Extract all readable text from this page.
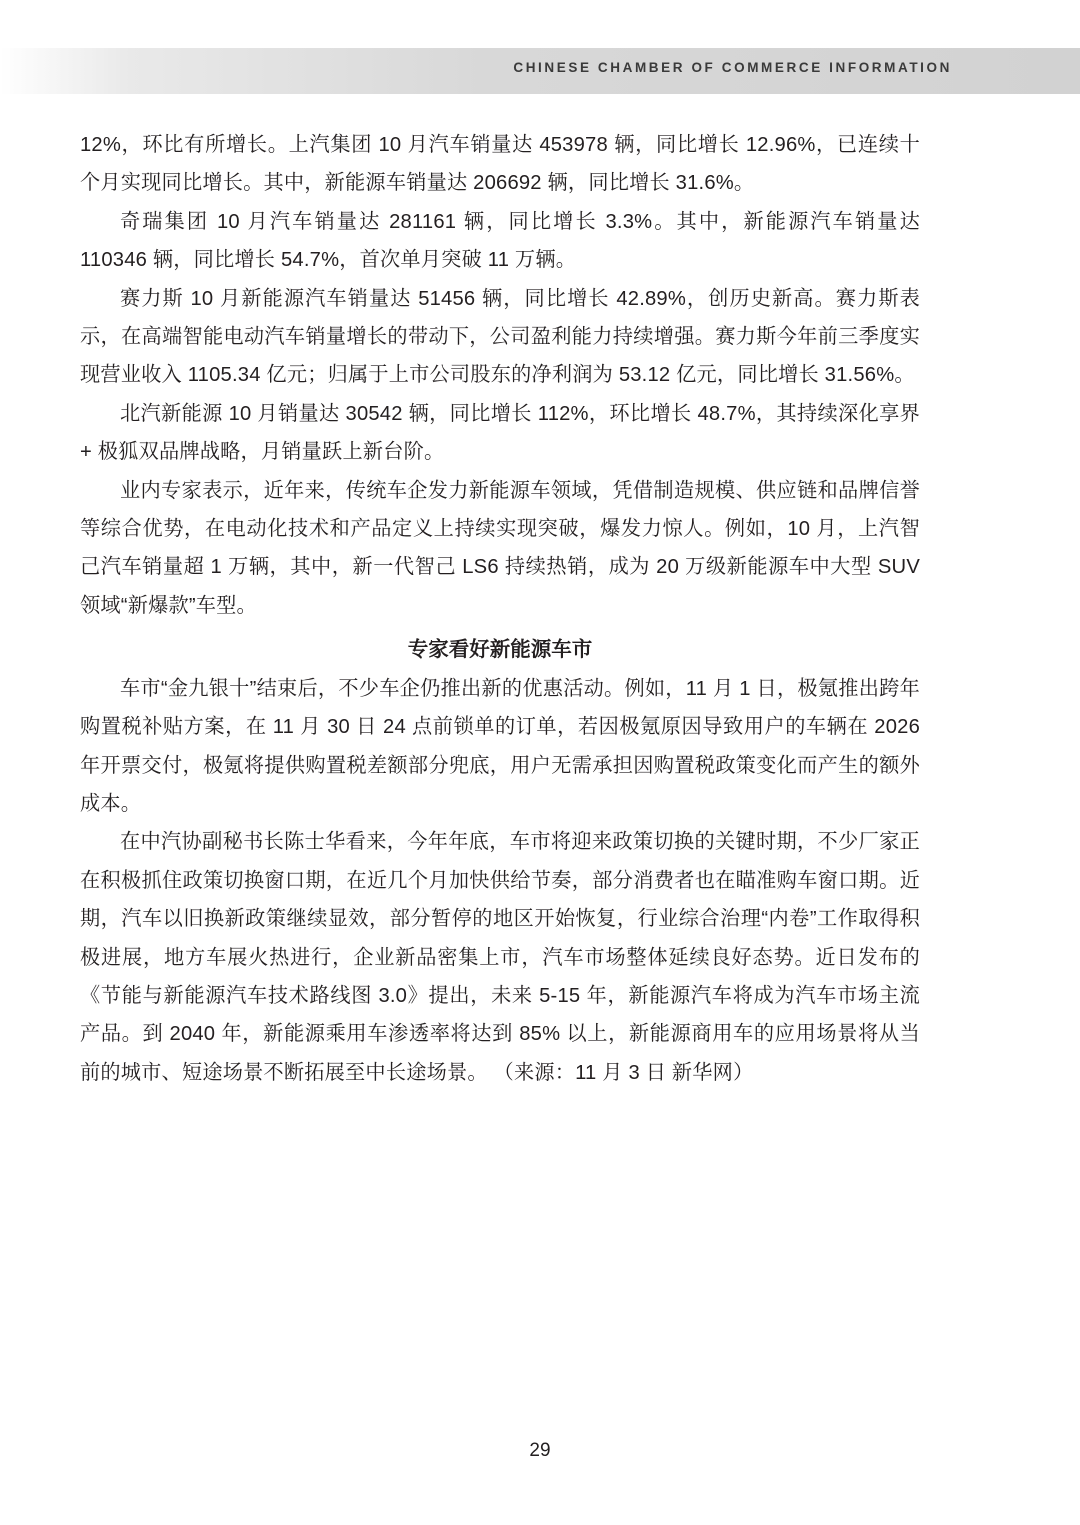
CHINESE CHAMBER OF COMMERCE INFORMATION

12%，环比有所增长。上汽集团 10 月汽车销量达 453978 辆，同比增长 12.96%，已连续十个月实现同比增长。其中，新能源车销量达 206692 辆，同比增长 31.6%。

奇瑞集团 10 月汽车销量达 281161 辆，同比增长 3.3%。其中，新能源汽车销量达 110346 辆，同比增长 54.7%，首次单月突破 11 万辆。

赛力斯 10 月新能源汽车销量达 51456 辆，同比增长 42.89%，创历史新高。赛力斯表示，在高端智能电动汽车销量增长的带动下，公司盈利能力持续增强。赛力斯今年前三季度实现营业收入 1105.34 亿元；归属于上市公司股东的净利润为 53.12 亿元，同比增长 31.56%。

北汽新能源 10 月销量达 30542 辆，同比增长 112%，环比增长 48.7%，其持续深化享界 + 极狐双品牌战略，月销量跃上新台阶。

业内专家表示，近年来，传统车企发力新能源车领域，凭借制造规模、供应链和品牌信誉等综合优势，在电动化技术和产品定义上持续实现突破，爆发力惊人。例如，10 月，上汽智己汽车销量超 1 万辆，其中，新一代智己 LS6 持续热销，成为 20 万级新能源车中大型 SUV 领域“新爆款”车型。

专家看好新能源车市

车市“金九银十”结束后，不少车企仍推出新的优惠活动。例如，11 月 1 日，极氪推出跨年购置税补贴方案，在 11 月 30 日 24 点前锁单的订单，若因极氪原因导致用户的车辆在 2026 年开票交付，极氪将提供购置税差额部分兜底，用户无需承担因购置税政策变化而产生的额外成本。

在中汽协副秘书长陈士华看来，今年年底，车市将迎来政策切换的关键时期，不少厂家正在积极抓住政策切换窗口期，在近几个月加快供给节奏，部分消费者也在瞄准购车窗口期。近期，汽车以旧换新政策继续显效，部分暂停的地区开始恢复，行业综合治理“内卷”工作取得积极进展，地方车展火热进行，企业新品密集上市，汽车市场整体延续良好态势。近日发布的《节能与新能源汽车技术路线图 3.0》提出，未来 5-15 年，新能源汽车将成为汽车市场主流产品。到 2040 年，新能源乘用车渗透率将达到 85% 以上，新能源商用车的应用场景将从当前的城市、短途场景不断拓展至中长途场景。 （来源：11 月 3 日 新华网）

29
